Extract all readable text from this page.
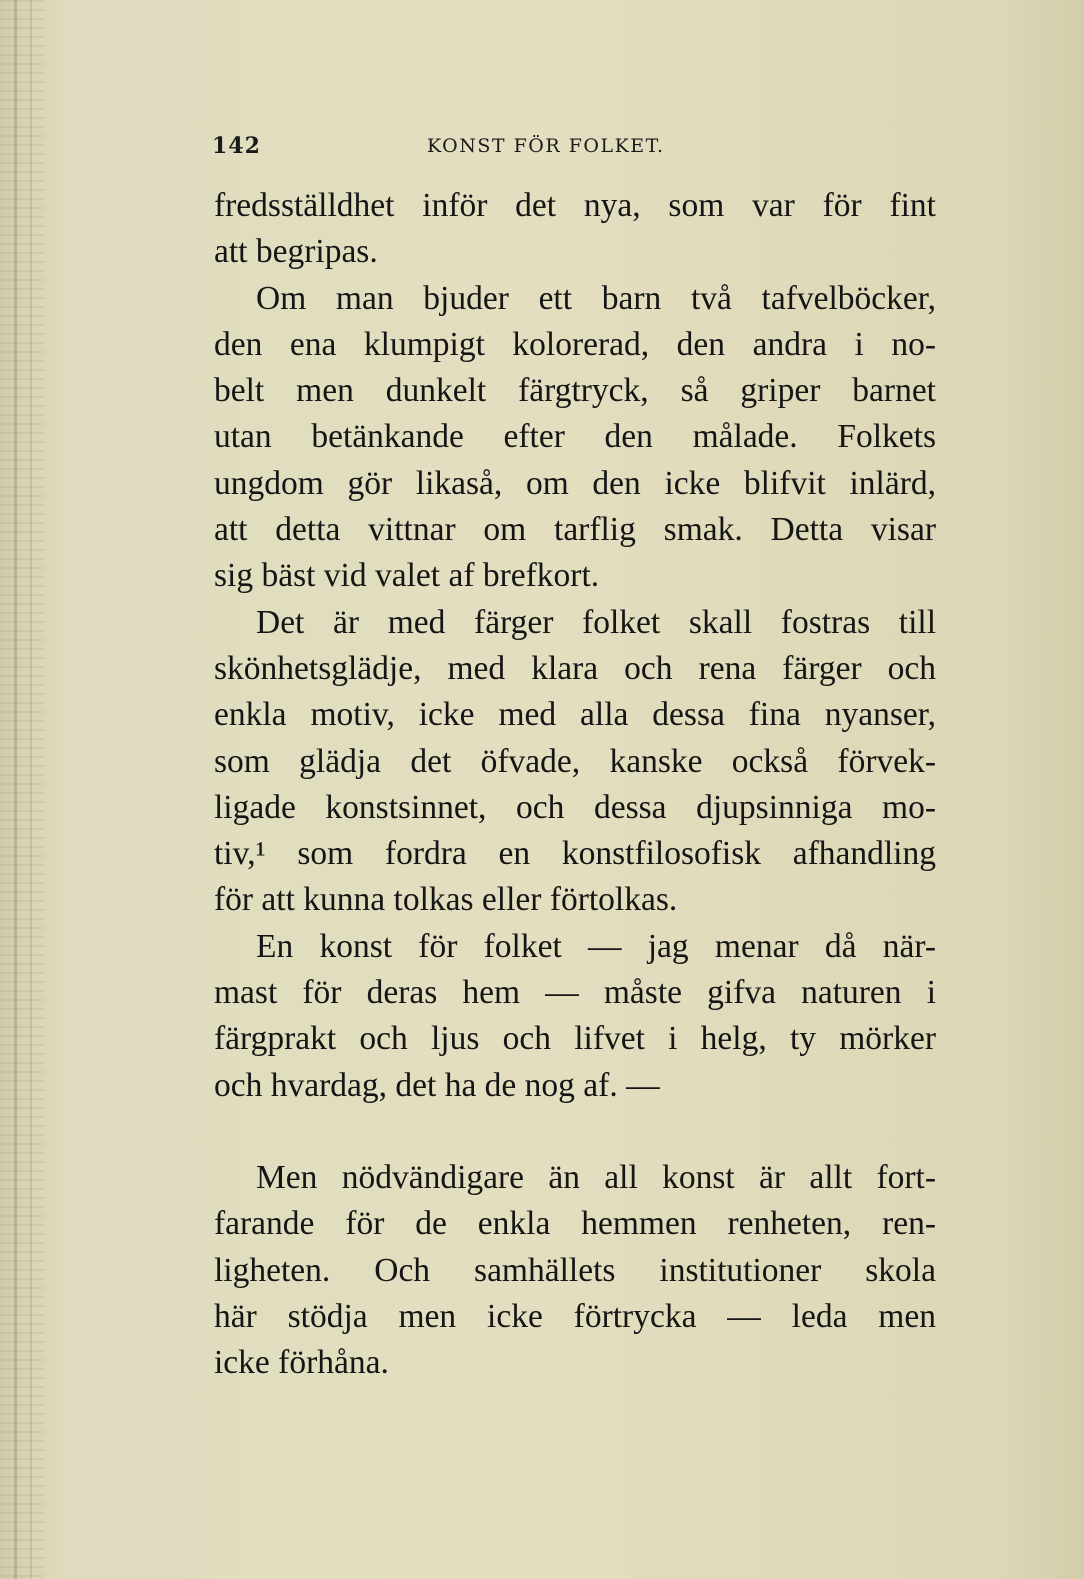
142	KONST FÖR FOLKET.
fredsställdhet inför det nya, som var för fint
att begripas.
Om man bjuder ett barn två tafvelböcker,
den ena klumpigt kolorerad, den andra i no-
belt men dunkelt färgtryck, så griper barnet
utan betänkande efter den målade. Folkets
ungdom gör likaså, om den icke blifvit inlärd,
att detta vittnar om tarflig smak. Detta visar
sig bäst vid valet af brefkort.
Det är med färger folket skall fostras till
skönhetsglädje, med klara och rena färger och
enkla motiv, icke med alla dessa fina nyanser,
som glädja det öfvade, kanske också förvek-
ligade konstsinnet, och dessa djupsinniga mo-
tiv,¹ som fordra en konstfilosofisk afhandling
för att kunna tolkas eller förtolkas.
En konst för folket — jag menar då när-
mast för deras hem — måste gifva naturen i
färgprakt och ljus och lifvet i helg, ty mörker
och hvardag, det ha de nog af. —
Men nödvändigare än all konst är allt fort-
farande för de enkla hemmen renheten, ren-
ligheten. Och samhällets institutioner skola
här stödja men icke förtrycka — leda men
icke förhåna.
